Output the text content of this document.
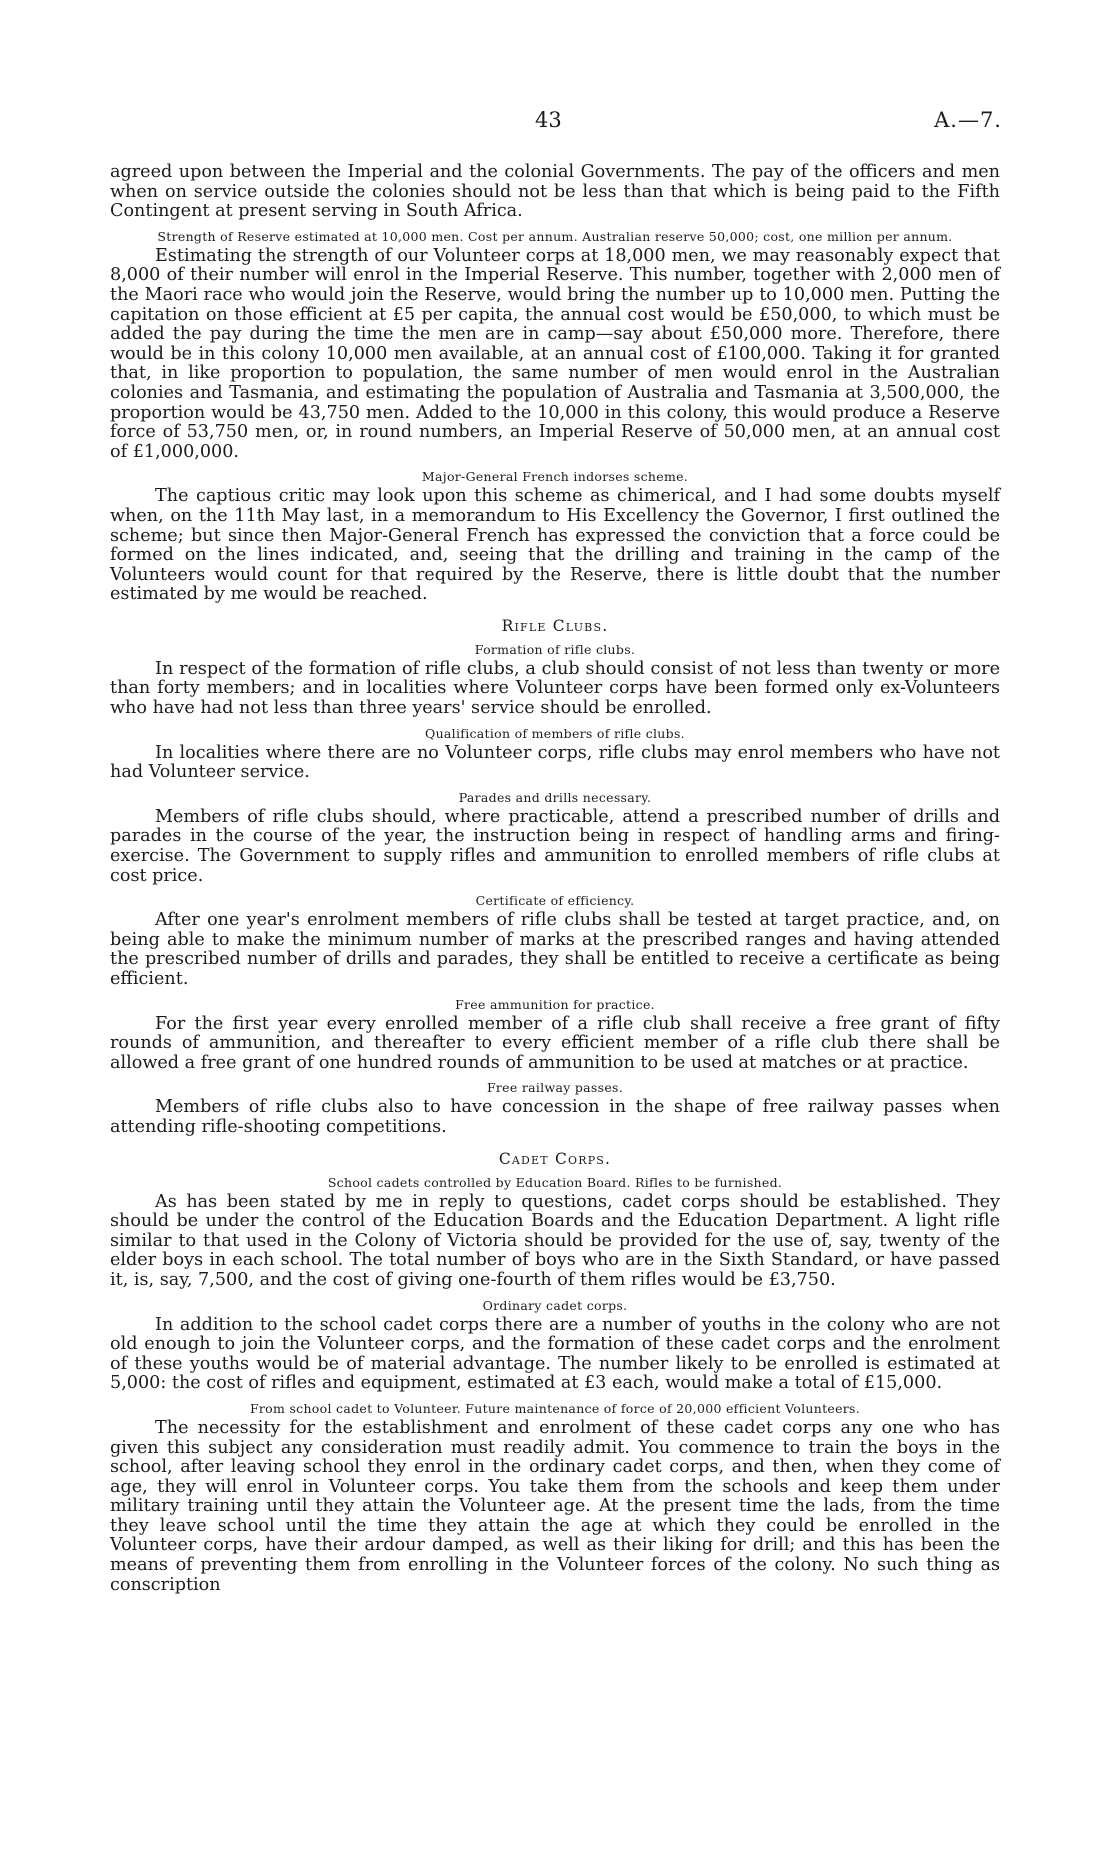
43	A.—7.

agreed upon between the Imperial and the colonial Governments. The pay of the officers and men when on service outside the colonies should not be less than that which is being paid to the Fifth Contingent at present serving in South Africa.

Strength of Reserve estimated at 10,000 men. Cost per annum. Australian reserve 50,000; cost, one million per annum.

Estimating the strength of our Volunteer corps at 18,000 men, we may reasonably expect that 8,000 of their number will enrol in the Imperial Reserve. This number, together with 2,000 men of the Maori race who would join the Reserve, would bring the number up to 10,000 men. Putting the capitation on those efficient at £5 per capita, the annual cost would be £50,000, to which must be added the pay during the time the men are in camp—say about £50,000 more. Therefore, there would be in this colony 10,000 men available, at an annual cost of £100,000. Taking it for granted that, in like proportion to population, the same number of men would enrol in the Australian colonies and Tasmania, and estimating the population of Australia and Tasmania at 3,500,000, the proportion would be 43,750 men. Added to the 10,000 in this colony, this would produce a Reserve force of 53,750 men, or, in round numbers, an Imperial Reserve of 50,000 men, at an annual cost of £1,000,000.

Major-General French indorses scheme.

The captious critic may look upon this scheme as chimerical, and I had some doubts myself when, on the 11th May last, in a memorandum to His Excellency the Governor, I first outlined the scheme; but since then Major-General French has expressed the conviction that a force could be formed on the lines indicated, and, seeing that the drilling and training in the camp of the Volunteers would count for that required by the Reserve, there is little doubt that the number estimated by me would be reached.

Rifle Clubs.
Formation of rifle clubs.

In respect of the formation of rifle clubs, a club should consist of not less than twenty or more than forty members; and in localities where Volunteer corps have been formed only ex-Volunteers who have had not less than three years' service should be enrolled.

Qualification of members of rifle clubs.

In localities where there are no Volunteer corps, rifle clubs may enrol members who have not had Volunteer service.

Parades and drills necessary.

Members of rifle clubs should, where practicable, attend a prescribed number of drills and parades in the course of the year, the instruction being in respect of handling arms and firing-exercise. The Government to supply rifles and ammunition to enrolled members of rifle clubs at cost price.

Certificate of efficiency.

After one year's enrolment members of rifle clubs shall be tested at target practice, and, on being able to make the minimum number of marks at the prescribed ranges and having attended the prescribed number of drills and parades, they shall be entitled to receive a certificate as being efficient.

Free ammunition for practice.

For the first year every enrolled member of a rifle club shall receive a free grant of fifty rounds of ammunition, and thereafter to every efficient member of a rifle club there shall be allowed a free grant of one hundred rounds of ammunition to be used at matches or at practice.

Free railway passes.

Members of rifle clubs also to have concession in the shape of free railway passes when attending rifle-shooting competitions.

Cadet Corps.
School cadets controlled by Education Board. Rifles to be furnished.

As has been stated by me in reply to questions, cadet corps should be established. They should be under the control of the Education Boards and the Education Department. A light rifle similar to that used in the Colony of Victoria should be provided for the use of, say, twenty of the elder boys in each school. The total number of boys who are in the Sixth Standard, or have passed it, is, say, 7,500, and the cost of giving one-fourth of them rifles would be £3,750.

Ordinary cadet corps.

In addition to the school cadet corps there are a number of youths in the colony who are not old enough to join the Volunteer corps, and the formation of these cadet corps and the enrolment of these youths would be of material advantage. The number likely to be enrolled is estimated at 5,000: the cost of rifles and equipment, estimated at £3 each, would make a total of £15,000.

From school cadet to Volunteer. Future maintenance of force of 20,000 efficient Volunteers.

The necessity for the establishment and enrolment of these cadet corps any one who has given this subject any consideration must readily admit. You commence to train the boys in the school, after leaving school they enrol in the ordinary cadet corps, and then, when they come of age, they will enrol in Volunteer corps. You take them from the schools and keep them under military training until they attain the Volunteer age. At the present time the lads, from the time they leave school until the time they attain the age at which they could be enrolled in the Volunteer corps, have their ardour damped, as well as their liking for drill; and this has been the means of preventing them from enrolling in the Volunteer forces of the colony. No such thing as conscription
